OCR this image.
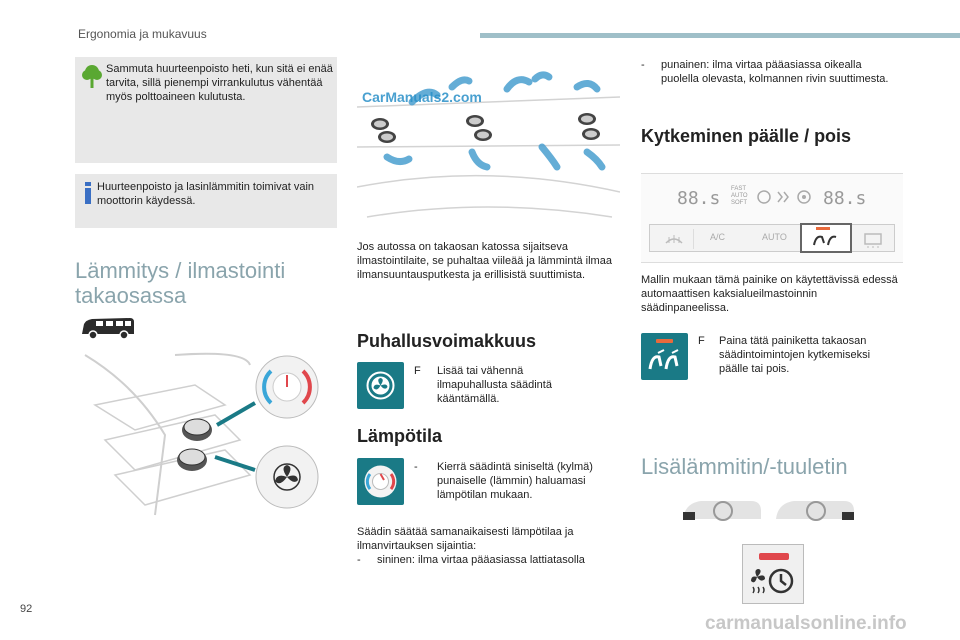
Ergonomia ja mukavuus
Sammuta huurteenpoisto heti, kun sitä ei enää tarvita, sillä pienempi virrankulutus vähentää myös polttoaineen kulutusta.
Huurteenpoisto ja lasinlämmitin toimivat vain moottorin käydessä.
Lämmitys / ilmastointi takaosassa
CarManuals2.com
Jos autossa on takaosan katossa sijaitseva ilmastointilaite, se puhaltaa viileää ja lämmintä ilmaa ilmansuuntausputkesta ja erillisistä suuttimista.
Puhallusvoimakkuus
F Lisää tai vähennä ilmapuhallusta säädintä kääntämällä.
Lämpötila
- Kierrä säädintä siniseltä (kylmä) punaiselle (lämmin) haluamasi lämpötilan mukaan.
Säädin säätää samanaikaisesti lämpötilaa ja ilmanvirtauksen sijaintia:
- sininen: ilma virtaa pääasiassa lattiatasolla
- punainen: ilma virtaa pääasiassa oikealla puolella olevasta, kolmannen rivin suuttimesta.
Kytkeminen päälle / pois
88.s FAST
AUTO
SOFT	88.s
A/C	AUTO
Mallin mukaan tämä painike on käytettävissä edessä automaattisen kaksialueilmastoinnin säädinpaneelissa.
F Paina tätä painiketta takaosan säädintoimintojen kytkemiseksi päälle tai pois.
Lisälämmitin/-tuuletin
92
carmanualsonline.info
